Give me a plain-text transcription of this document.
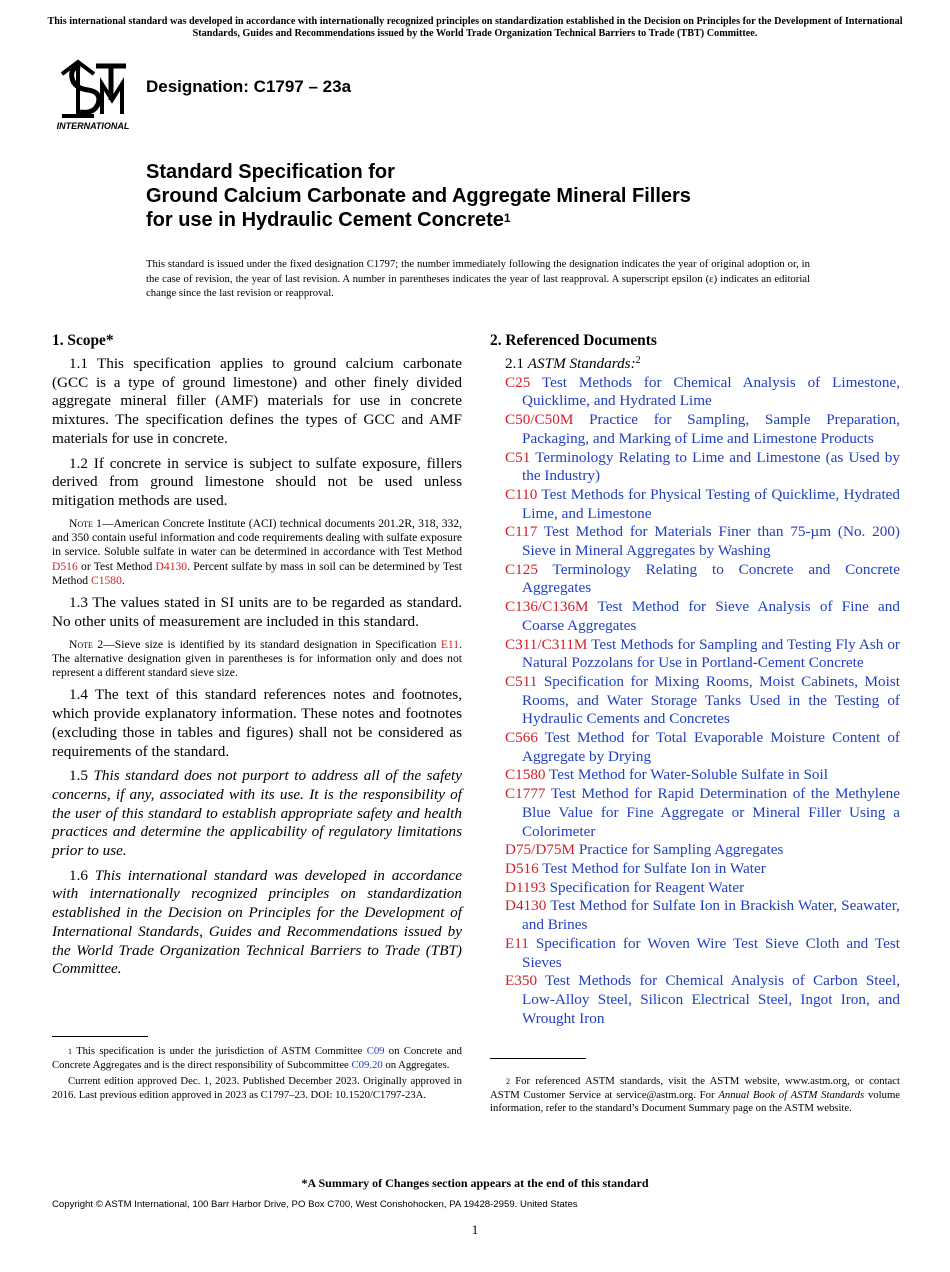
This international standard was developed in accordance with internationally recognized principles on standardization established in the Decision on Principles for the Development of International Standards, Guides and Recommendations issued by the World Trade Organization Technical Barriers to Trade (TBT) Committee.
INTERNATIONAL
Designation: C1797 – 23a
Standard Specification for
Ground Calcium Carbonate and Aggregate Mineral Fillers
for use in Hydraulic Cement Concrete$^1$
This standard is issued under the fixed designation C1797; the number immediately following the designation indicates the year of original adoption or, in the case of revision, the year of last revision. A number in parentheses indicates the year of last reapproval. A superscript epsilon (ε) indicates an editorial change since the last revision or reapproval.
1. Scope*

1.1 This specification applies to ground calcium carbonate (GCC is a type of ground limestone) and other finely divided aggregate mineral filler (AMF) materials for use in concrete mixtures. The specification defines the types of GCC and AMF materials for use in concrete.

1.2 If concrete in service is subject to sulfate exposure, fillers derived from ground limestone should not be used unless mitigation methods are used.

Note 1—American Concrete Institute (ACI) technical documents 201.2R, 318, 332, and 350 contain useful information and code requirements dealing with sulfate exposure in service. Soluble sulfate in water can be determined in accordance with Test Method D516 or Test Method D4130. Percent sulfate by mass in soil can be determined by Test Method C1580.

1.3 The values stated in SI units are to be regarded as standard. No other units of measurement are included in this standard.

Note 2—Sieve size is identified by its standard designation in Specification E11. The alternative designation given in parentheses is for information only and does not represent a different standard sieve size.

1.4 The text of this standard references notes and footnotes, which provide explanatory information. These notes and footnotes (excluding those in tables and figures) shall not be considered as requirements of the standard.

1.5 This standard does not purport to address all of the safety concerns, if any, associated with its use. It is the responsibility of the user of this standard to establish appropriate safety and health practices and determine the applicability of regulatory limitations prior to use.

1.6 This international standard was developed in accordance with internationally recognized principles on standardization established in the Decision on Principles for the Development of International Standards, Guides and Recommendations issued by the World Trade Organization Technical Barriers to Trade (TBT) Committee.

2. Referenced Documents

2.1 ASTM Standards:$^2$

C25 Test Methods for Chemical Analysis of Limestone, Quicklime, and Hydrated Lime

C50/C50M Practice for Sampling, Sample Preparation, Packaging, and Marking of Lime and Limestone Products

C51 Terminology Relating to Lime and Limestone (as Used by the Industry)

C110 Test Methods for Physical Testing of Quicklime, Hydrated Lime, and Limestone

C117 Test Method for Materials Finer than 75-µm (No. 200) Sieve in Mineral Aggregates by Washing

C125 Terminology Relating to Concrete and Concrete Aggregates

C136/C136M Test Method for Sieve Analysis of Fine and Coarse Aggregates

C311/C311M Test Methods for Sampling and Testing Fly Ash or Natural Pozzolans for Use in Portland-Cement Concrete

C511 Specification for Mixing Rooms, Moist Cabinets, Moist Rooms, and Water Storage Tanks Used in the Testing of Hydraulic Cements and Concretes

C566 Test Method for Total Evaporable Moisture Content of Aggregate by Drying

C1580 Test Method for Water-Soluble Sulfate in Soil

C1777 Test Method for Rapid Determination of the Methylene Blue Value for Fine Aggregate or Mineral Filler Using a Colorimeter

D75/D75M Practice for Sampling Aggregates

D516 Test Method for Sulfate Ion in Water

D1193 Specification for Reagent Water

D4130 Test Method for Sulfate Ion in Brackish Water, Seawater, and Brines

E11 Specification for Woven Wire Test Sieve Cloth and Test Sieves

E350 Test Methods for Chemical Analysis of Carbon Steel, Low-Alloy Steel, Silicon Electrical Steel, Ingot Iron, and Wrought Iron

$^1$ This specification is under the jurisdiction of ASTM Committee C09 on Concrete and Concrete Aggregates and is the direct responsibility of Subcommittee C09.20 on Aggregates.

Current edition approved Dec. 1, 2023. Published December 2023. Originally approved in 2016. Last previous edition approved in 2023 as C1797–23. DOI: 10.1520/C1797-23A.

$^2$ For referenced ASTM standards, visit the ASTM website, www.astm.org, or contact ASTM Customer Service at service@astm.org. For Annual Book of ASTM Standards volume information, refer to the standard’s Document Summary page on the ASTM website.

*A Summary of Changes section appears at the end of this standard
Copyright © ASTM International, 100 Barr Harbor Drive, PO Box C700, West Conshohocken, PA 19428-2959. United States
1
